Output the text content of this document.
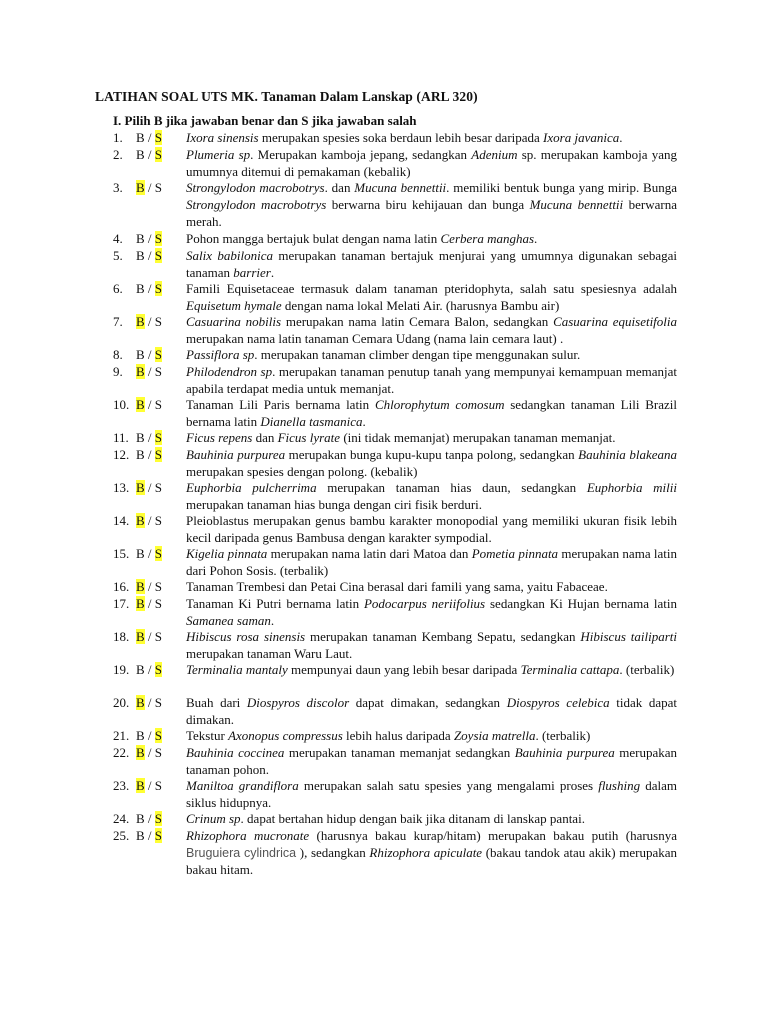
LATIHAN SOAL UTS MK. Tanaman Dalam Lanskap (ARL 320)
I. Pilih B jika jawaban benar dan S jika jawaban salah
1.	B / S Ixora sinensis merupakan spesies soka berdaun lebih besar daripada Ixora javanica.
2.	B / S Plumeria sp. Merupakan kamboja jepang, sedangkan Adenium sp. merupakan kamboja yang umumnya ditemui di pemakaman (kebalik)
3.	B / S Strongylodon macrobotrys. dan Mucuna bennettii. memiliki bentuk bunga yang mirip. Bunga Strongylodon macrobotrys berwarna biru kehijauan dan bunga Mucuna bennettii berwarna merah.
4.	B / S Pohon mangga bertajuk bulat dengan nama latin Cerbera manghas.
5.	B / S Salix babilonica merupakan tanaman bertajuk menjurai yang umumnya digunakan sebagai tanaman barrier.
6.	B / S Famili Equisetaceae termasuk dalam tanaman pteridophyta, salah satu spesiesnya adalah Equisetum hymale dengan nama lokal Melati Air. (harusnya Bambu air)
7.	B / S Casuarina nobilis merupakan nama latin Cemara Balon, sedangkan Casuarina equisetifolia merupakan nama latin tanaman Cemara Udang (nama lain cemara laut) .
8.	B / S Passiflora sp. merupakan tanaman climber dengan tipe menggunakan sulur.
9.	B / S Philodendron sp. merupakan tanaman penutup tanah yang mempunyai kemampuan memanjat apabila terdapat media untuk memanjat.
10. B / S Tanaman Lili Paris bernama latin Chlorophytum comosum sedangkan tanaman Lili Brazil bernama latin Dianella tasmanica.
11. B / S Ficus repens dan Ficus lyrate (ini tidak memanjat) merupakan tanaman memanjat.
12. B / S Bauhinia purpurea merupakan bunga kupu-kupu tanpa polong, sedangkan Bauhinia blakeana merupakan spesies dengan polong. (kebalik)
13. B / S Euphorbia pulcherrima merupakan tanaman hias daun, sedangkan Euphorbia milii merupakan tanaman hias bunga dengan ciri fisik berduri.
14. B / S Pleioblastus merupakan genus bambu karakter monopodial yang memiliki ukuran fisik lebih kecil daripada genus Bambusa dengan karakter sympodial.
15. B / S Kigelia pinnata merupakan nama latin dari Matoa dan Pometia pinnata merupakan nama latin dari Pohon Sosis. (terbalik)
16. B / S Tanaman Trembesi dan Petai Cina berasal dari famili yang sama, yaitu Fabaceae.
17. B / S Tanaman Ki Putri bernama latin Podocarpus neriifolius sedangkan Ki Hujan bernama latin Samanea saman.
18. B / S Hibiscus rosa sinensis merupakan tanaman Kembang Sepatu, sedangkan Hibiscus tailiparti merupakan tanaman Waru Laut.
19. B / S Terminalia mantaly mempunyai daun yang lebih besar daripada Terminalia cattapa. (terbalik)
20. B / S Buah dari Diospyros discolor dapat dimakan, sedangkan Diospyros celebica tidak dapat dimakan.
21. B / S Tekstur Axonopus compressus lebih halus daripada Zoysia matrella. (terbalik)
22. B / S Bauhinia coccinea merupakan tanaman memanjat sedangkan Bauhinia purpurea merupakan tanaman pohon.
23. B / S Maniltoa grandiflora merupakan salah satu spesies yang mengalami proses flushing dalam siklus hidupnya.
24. B / S Crinum sp. dapat bertahan hidup dengan baik jika ditanam di lanskap pantai.
25. B / S Rhizophora mucronate (harusnya bakau kurap/hitam) merupakan bakau putih (harusnya Bruguiera cylindrica ), sedangkan Rhizophora apiculate (bakau tandok atau akik) merupakan bakau hitam.
